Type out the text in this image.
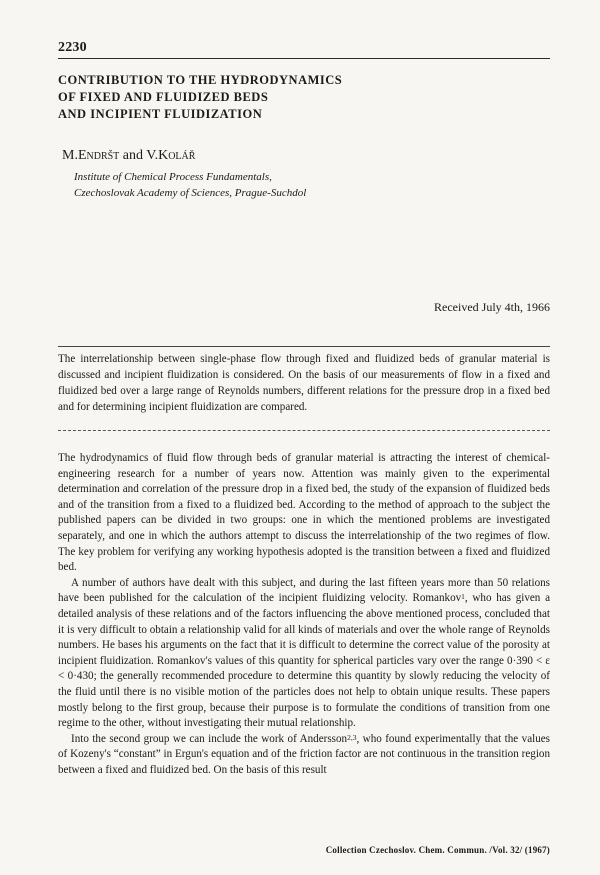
2230
CONTRIBUTION TO THE HYDRODYNAMICS
OF FIXED AND FLUIDIZED BEDS
AND INCIPIENT FLUIDIZATION
M.Endršt and V.Kolář
Institute of Chemical Process Fundamentals,
Czechoslovak Academy of Sciences, Prague-Suchdol
Received July 4th, 1966
The interrelationship between single-phase flow through fixed and fluidized beds of granular material is discussed and incipient fluidization is considered. On the basis of our measurements of flow in a fixed and fluidized bed over a large range of Reynolds numbers, different relations for the pressure drop in a fixed bed and for determining incipient fluidization are compared.

The hydrodynamics of fluid flow through beds of granular material is attracting the interest of chemical-engineering research for a number of years now. Attention was mainly given to the experimental determination and correlation of the pressure drop in a fixed bed, the study of the expansion of fluidized beds and of the transition from a fixed to a fluidized bed. According to the method of approach to the subject the published papers can be divided in two groups: one in which the mentioned problems are investigated separately, and one in which the authors attempt to discuss the interrelationship of the two regimes of flow. The key problem for verifying any working hypothesis adopted is the transition between a fixed and fluidized bed.

A number of authors have dealt with this subject, and during the last fifteen years more than 50 relations have been published for the calculation of the incipient fluidizing velocity. Romankov$^1$, who has given a detailed analysis of these relations and of the factors influencing the above mentioned process, concluded that it is very difficult to obtain a relationship valid for all kinds of materials and over the whole range of Reynolds numbers. He bases his arguments on the fact that it is difficult to determine the correct value of the porosity at incipient fluidization. Romankov's values of this quantity for spherical particles vary over the range 0·390 < ε < 0·430; the generally recommended procedure to determine this quantity by slowly reducing the velocity of the fluid until there is no visible motion of the particles does not help to obtain unique results. These papers mostly belong to the first group, because their purpose is to formulate the conditions of transition from one regime to the other, without investigating their mutual relationship.

Into the second group we can include the work of Andersson$^{2,3}$, who found experimentally that the values of Kozeny's “constant” in Ergun's equation and of the friction factor are not continuous in the transition region between a fixed and fluidized bed. On the basis of this result

Collection Czechoslov. Chem. Commun. /Vol. 32/ (1967)
